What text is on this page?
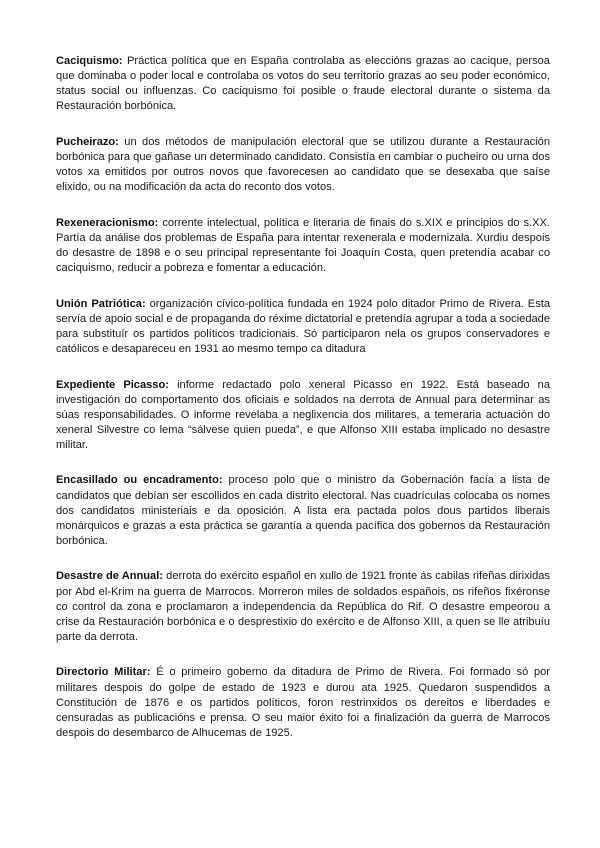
Caciquismo: Práctica política que en España controlaba as eleccións grazas ao cacique, persoa que dominaba o poder local e controlaba os votos do seu territorio grazas ao seu poder económico, status social ou influenzas. Co caciquismo foi posible o fraude electoral durante o sistema da Restauración borbónica.

Pucheirazo: un dos métodos de manipulación electoral que se utilizou durante a Restauración borbónica para que gañase un determinado candidato. Consistía en cambiar o pucheiro ou urna dos votos xa emitidos por outros novos que favorecesen ao candidato que se desexaba que saíse elixido, ou na modificación da acta do reconto dos votos.

Rexeneracionismo: corrente intelectual, política e literaria de finais do s.XIX e principios do s.XX. Partía da análise dos problemas de España para intentar rexenerala e modernizala. Xurdiu despois do desastre de 1898 e o seu principal representante foi Joaquín Costa, quen pretendía acabar co caciquismo, reducir a pobreza e fomentar a educación.

Unión Patriótica: organización cívico-política fundada en 1924 polo ditador Primo de Rivera. Esta servía de apoio social e de propaganda do réxime dictatorial e pretendía agrupar a toda a sociedade para substituír os partidos políticos tradicionais. Só participaron nela os grupos conservadores e católicos e desapareceu en 1931 ao mesmo tempo ca ditadura

Expediente Picasso: informe redactado polo xeneral Picasso en 1922. Está baseado na investigación do comportamento dos oficiais e soldados na derrota de Annual para determinar as súas responsabilidades. O informe revelaba a neglixencia dos militares, a temeraria actuación do xeneral Silvestre co lema “sálvese quien pueda”, e que Alfonso XIII estaba implicado no desastre militar.

Encasillado ou encadramento: proceso polo que o ministro da Gobernación facía a lista de candidatos que debían ser escollidos en cada distrito electoral. Nas cuadrículas colocaba os nomes dos candidatos ministeriais e da oposición. A lista era pactada polos dous partidos liberais monárquicos e grazas a esta práctica se garantía a quenda pacífica dos gobernos da Restauración borbónica.

Desastre de Annual: derrota do exército español en xullo de 1921 fronte ás cabilas rifeñas dirixidas por Abd el-Krim na guerra de Marrocos. Morreron miles de soldados españois, os rifeños fixéronse co control da zona e proclamaron a independencia da República do Rif. O desastre empeorou a crise da Restauración borbónica e o desprestixio do exército e de Alfonso XIII, a quen se lle atribuíu parte da derrota.

Directorio Militar: É o primeiro goberno da ditadura de Primo de Rivera. Foi formado só por militares despois do golpe de estado de 1923 e durou ata 1925. Quedaron suspendidos a Constitución de 1876 e os partidos políticos, foron restrinxidos os dereitos e liberdades e censuradas as publicacións e prensa. O seu maior éxito foi a finalización da guerra de Marrocos despois do desembarco de Alhucemas de 1925.
